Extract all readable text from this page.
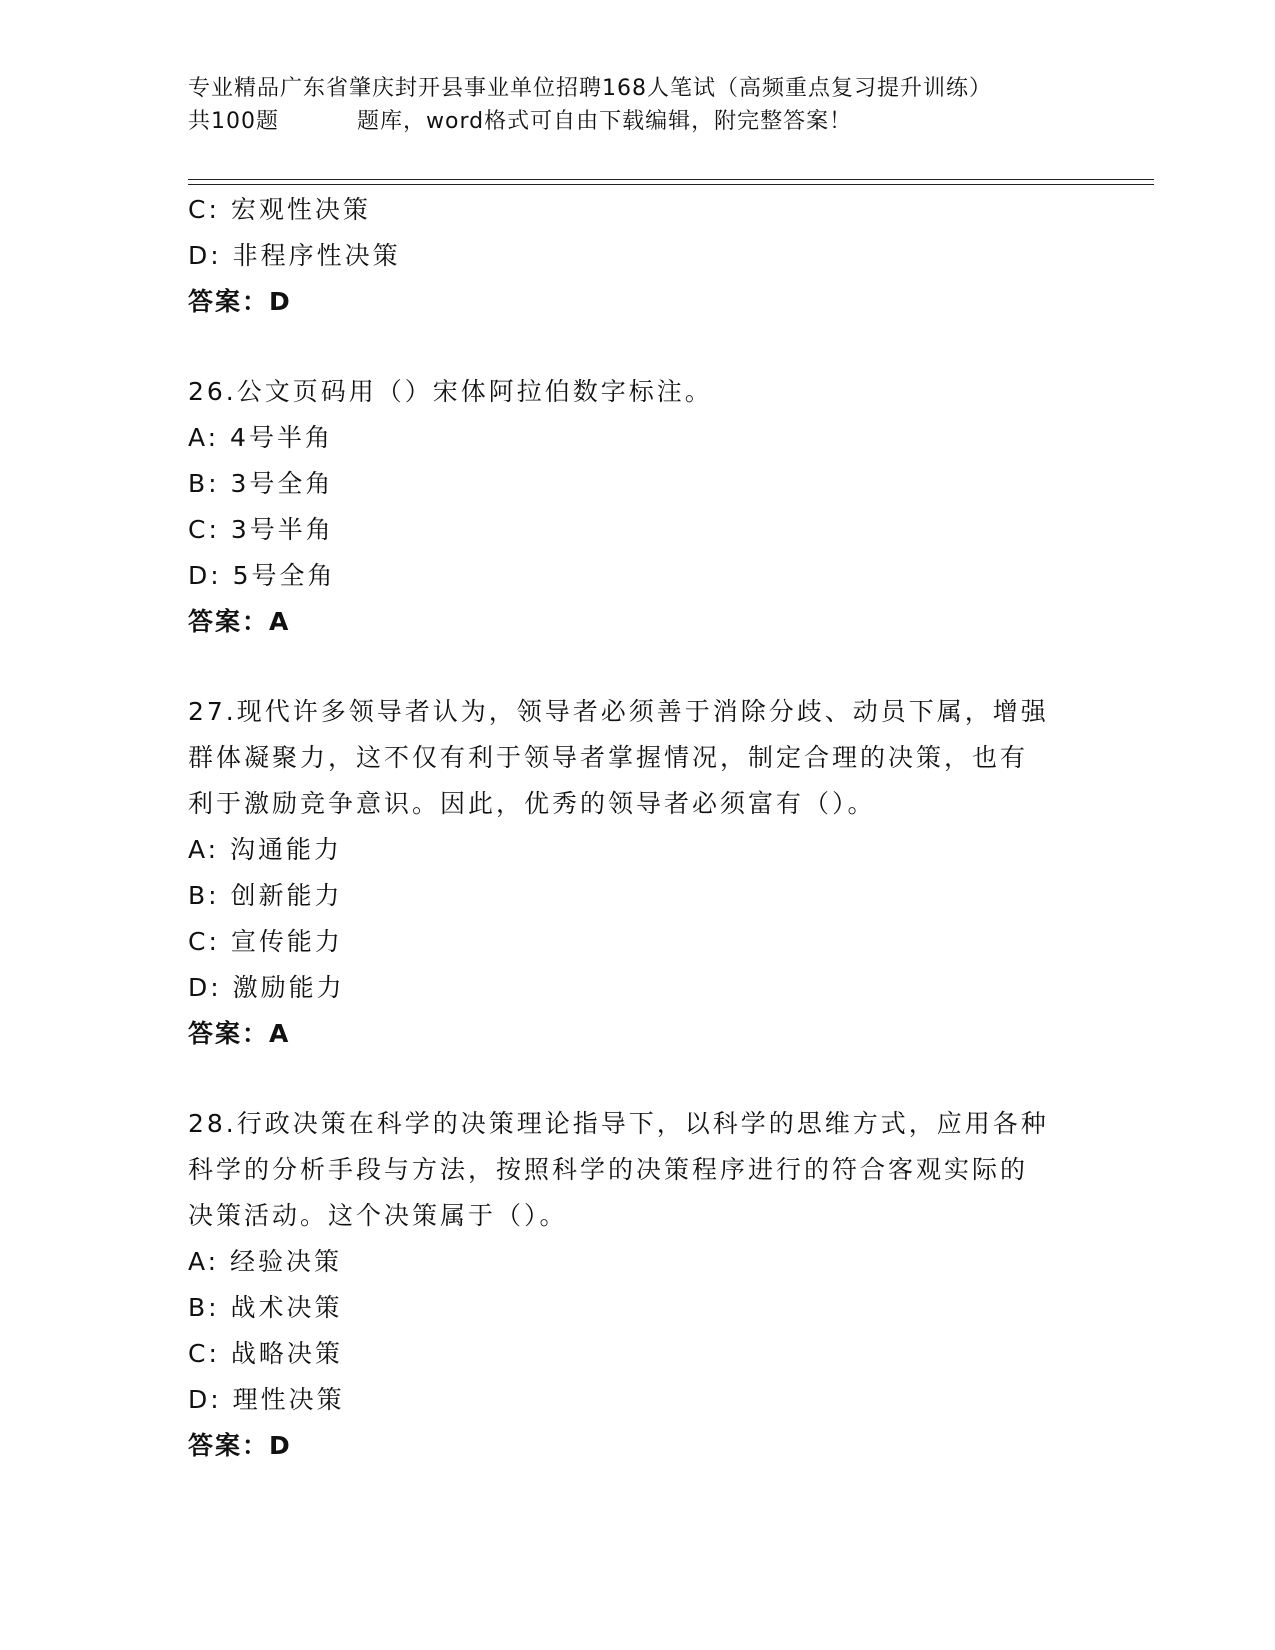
专业精品广东省肇庆封开县事业单位招聘168人笔试（高频重点复习提升训练）
共100题	题库，word格式可自由下载编辑，附完整答案！
C: 宏观性决策
D: 非程序性决策
答案：D
26.公文页码用（）宋体阿拉伯数字标注。
A: 4号半角
B: 3号全角
C: 3号半角
D: 5号全角
答案：A
27.现代许多领导者认为，领导者必须善于消除分歧、动员下属，增强
群体凝聚力，这不仅有利于领导者掌握情况，制定合理的决策，也有
利于激励竞争意识。因此，优秀的领导者必须富有（）。
A: 沟通能力
B: 创新能力
C: 宣传能力
D: 激励能力
答案：A
28.行政决策在科学的决策理论指导下，以科学的思维方式，应用各种
科学的分析手段与方法，按照科学的决策程序进行的符合客观实际的
决策活动。这个决策属于（）。
A: 经验决策
B: 战术决策
C: 战略决策
D: 理性决策
答案：D
